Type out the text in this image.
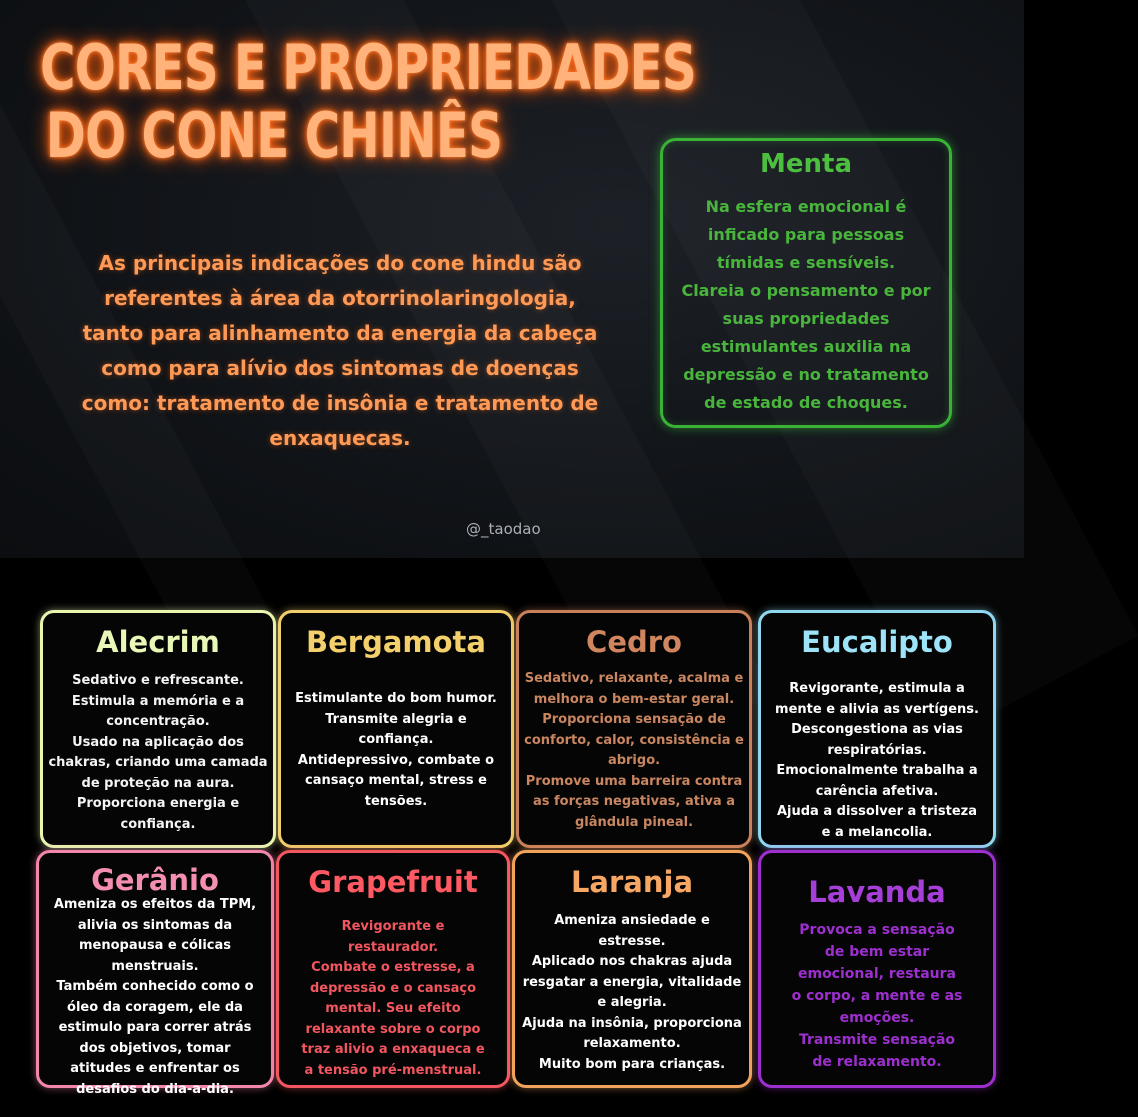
CORES E PROPRIEDADES
DO CONE CHINÊS
As principais indicações do cone hindu são referentes à área da otorrinolaringologia, tanto para alinhamento da energia da cabeça como para alívio dos sintomas de doenças como: tratamento de insônia e tratamento de enxaquecas.
Menta
Na esfera emocional é
inficado para pessoas
tímidas e sensíveis.
Clareia o pensamento e por
suas propriedades
estimulantes auxilia na
depressão e no tratamento
de estado de choques.
@_taodao
Alecrim
Sedativo e refrescante.
Estimula a memória e a
concentração.
Usado na aplicação dos
chakras, criando uma camada
de proteção na aura.
Proporciona energia e
confiança.
Bergamota
Estimulante do bom humor.
Transmite alegria e
confiança.
Antidepressivo, combate o
cansaço mental, stress e
tensões.
Cedro
Sedativo, relaxante, acalma e
melhora o bem-estar geral.
Proporciona sensação de
conforto, calor, consistência e
abrigo.
Promove uma barreira contra
as forças negativas, ativa a
glândula pineal.
Eucalipto
Revigorante, estimula a
mente e alivia as vertígens.
Descongestiona as vias
respiratórias.
Emocionalmente trabalha a
carência afetiva.
Ajuda a dissolver a tristeza
e a melancolia.
Gerânio
Ameniza os efeitos da TPM,
alivia os sintomas da
menopausa e cólicas
menstruais.
Também conhecido como o
óleo da coragem, ele da
estimulo para correr atrás
dos objetivos, tomar
atitudes e enfrentar os
desafios do dia-a-dia.
Grapefruit
Revigorante e
restaurador.
Combate o estresse, a
depressão e o cansaço
mental. Seu efeito
relaxante sobre o corpo
traz alivio a enxaqueca e
a tensão pré-menstrual.
Laranja
Ameniza ansiedade e
estresse.
Aplicado nos chakras ajuda
resgatar a energia, vitalidade
e alegria.
Ajuda na insônia, proporciona
relaxamento.
Muito bom para crianças.
Lavanda
Provoca a sensação
de bem estar
emocional, restaura
o corpo, a mente e as
emoções.
Transmite sensação
de relaxamento.
